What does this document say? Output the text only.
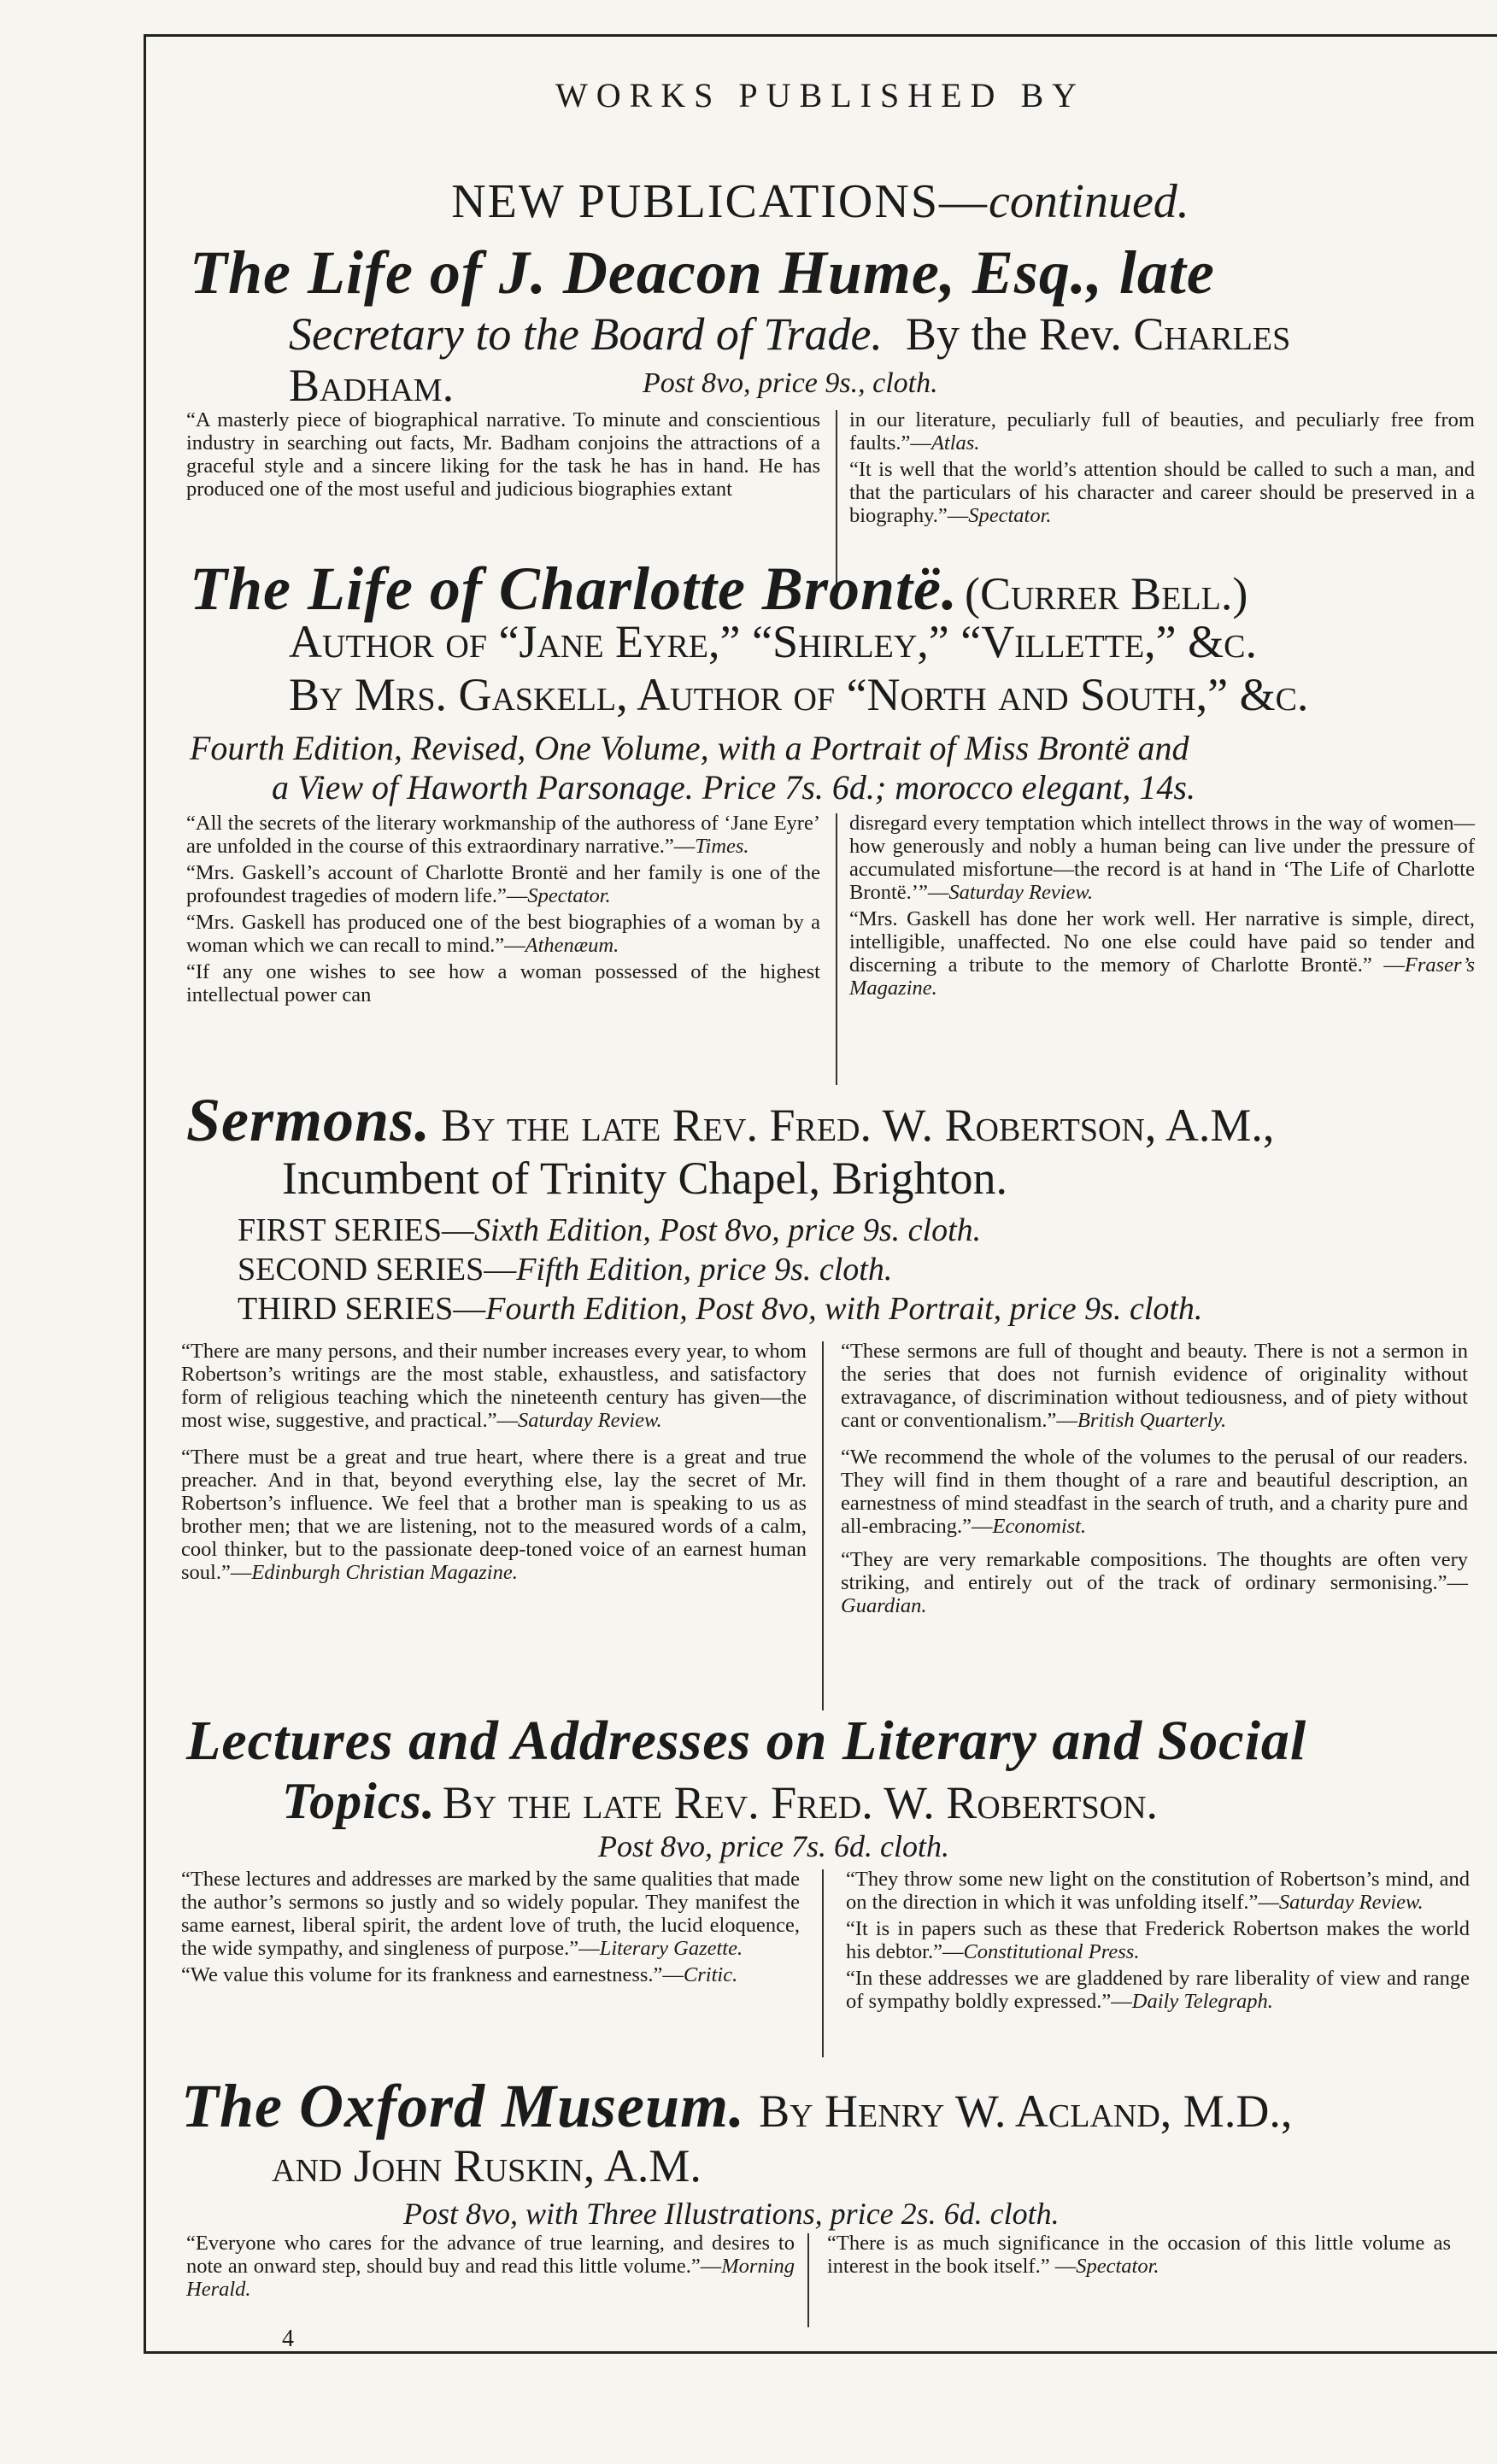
WORKS PUBLISHED BY
NEW PUBLICATIONS—continued.
The Life of J. Deacon Hume, Esq., late
Secretary to the Board of Trade. By the Rev. Charles
Badham.	Post 8vo, price 9s., cloth.

“A masterly piece of biographical narrative. To minute and conscientious industry in searching out facts, Mr. Badham conjoins the attractions of a graceful style and a sincere liking for the task he has in hand. He has produced one of the most useful and judicious biographies extant

in our literature, peculiarly full of beauties, and peculiarly free from faults.”—Atlas.

“It is well that the world’s attention should be called to such a man, and that the particulars of his character and career should be preserved in a biography.”—Spectator.

The Life of Charlotte Brontë. (Currer Bell.)
Author of “Jane Eyre,” “Shirley,” “Villette,” &c.
By Mrs. Gaskell, Author of “North and South,” &c.
Fourth Edition, Revised, One Volume, with a Portrait of Miss Brontë and
a View of Haworth Parsonage. Price 7s. 6d.; morocco elegant, 14s.

“All the secrets of the literary workmanship of the authoress of ‘Jane Eyre’ are unfolded in the course of this extraordinary narrative.”—Times.

“Mrs. Gaskell’s account of Charlotte Brontë and her family is one of the profoundest tragedies of modern life.”—Spectator.

“Mrs. Gaskell has produced one of the best biographies of a woman by a woman which we can recall to mind.”—Athenæum.

“If any one wishes to see how a woman possessed of the highest intellectual power can

disregard every temptation which intellect throws in the way of women—how generously and nobly a human being can live under the pressure of accumulated misfortune—the record is at hand in ‘The Life of Charlotte Brontë.’”—Saturday Review.

“Mrs. Gaskell has done her work well. Her narrative is simple, direct, intelligible, unaffected. No one else could have paid so tender and discerning a tribute to the memory of Charlotte Brontë.” —Fraser’s Magazine.

Sermons. By the late Rev. Fred. W. Robertson, A.M.,
Incumbent of Trinity Chapel, Brighton.
FIRST SERIES—Sixth Edition, Post 8vo, price 9s. cloth.
SECOND SERIES—Fifth Edition, price 9s. cloth.
THIRD SERIES—Fourth Edition, Post 8vo, with Portrait, price 9s. cloth.

“There are many persons, and their number increases every year, to whom Robertson’s writings are the most stable, exhaustless, and satisfactory form of religious teaching which the nineteenth century has given—the most wise, suggestive, and practical.”—Saturday Review.

“There must be a great and true heart, where there is a great and true preacher. And in that, beyond everything else, lay the secret of Mr. Robertson’s influence. We feel that a brother man is speaking to us as brother men; that we are listening, not to the measured words of a calm, cool thinker, but to the passionate deep-toned voice of an earnest human soul.”—Edinburgh Christian Magazine.

“These sermons are full of thought and beauty. There is not a sermon in the series that does not furnish evidence of originality without extravagance, of discrimination without tediousness, and of piety without cant or conventionalism.”—British Quarterly.

“We recommend the whole of the volumes to the perusal of our readers. They will find in them thought of a rare and beautiful description, an earnestness of mind steadfast in the search of truth, and a charity pure and all-embracing.”—Economist.

“They are very remarkable compositions. The thoughts are often very striking, and entirely out of the track of ordinary sermonising.”—Guardian.

Lectures and Addresses on Literary and Social
Topics. By the late Rev. Fred. W. Robertson.
Post 8vo, price 7s. 6d. cloth.

“These lectures and addresses are marked by the same qualities that made the author’s sermons so justly and so widely popular. They manifest the same earnest, liberal spirit, the ardent love of truth, the lucid eloquence, the wide sympathy, and singleness of purpose.”—Literary Gazette.

“We value this volume for its frankness and earnestness.”—Critic.

“They throw some new light on the constitution of Robertson’s mind, and on the direction in which it was unfolding itself.”—Saturday Review.

“It is in papers such as these that Frederick Robertson makes the world his debtor.”—Constitutional Press.

“In these addresses we are gladdened by rare liberality of view and range of sympathy boldly expressed.”—Daily Telegraph.

The Oxford Museum. By Henry W. Acland, M.D.,
and John Ruskin, A.M.
Post 8vo, with Three Illustrations, price 2s. 6d. cloth.

“Everyone who cares for the advance of true learning, and desires to note an onward step, should buy and read this little volume.”—Morning Herald.

“There is as much significance in the occasion of this little volume as interest in the book itself.” —Spectator.

4
